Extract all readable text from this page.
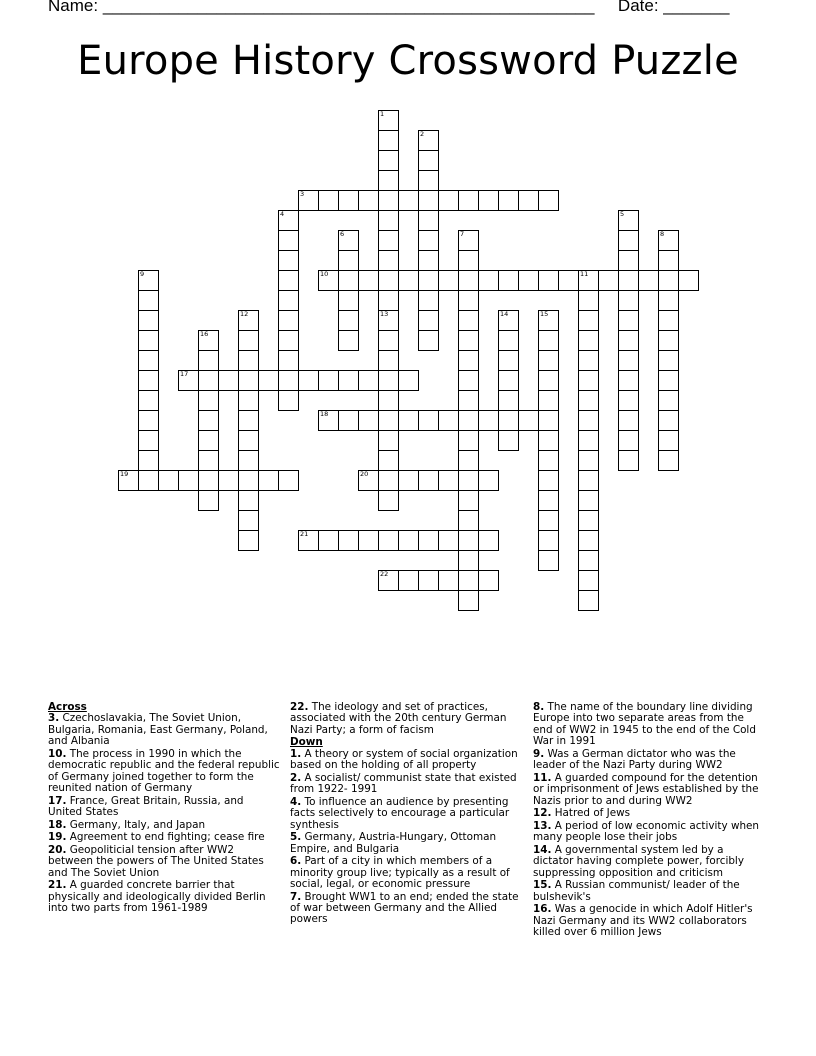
Name: ____________________________________________________ Date: _______
Europe History Crossword Puzzle
1
13
2
3
4	5
6	7	8
9	10	11
12	14	15
16
17
18
19	20
21
22

Across

3. Czechoslavakia, The Soviet Union, Bulgaria, Romania, East Germany, Poland, and Albania

10. The process in 1990 in which the democratic republic and the federal republic of Germany joined together to form the reunited nation of Germany

17. France, Great Britain, Russia, and United States

18. Germany, Italy, and Japan

19. Agreement to end fighting; cease fire

20. Geopoliticial tension after WW2 between the powers of The United States and The Soviet Union

21. A guarded concrete barrier that physically and ideologically divided Berlin into two parts from 1961-1989

22. The ideology and set of practices, associated with the 20th century German Nazi Party; a form of facism

Down

1. A theory or system of social organization based on the holding of all property

2. A socialist/ communist state that existed from 1922- 1991

4. To influence an audience by presenting facts selectively to encourage a particular synthesis

5. Germany, Austria-Hungary, Ottoman Empire, and Bulgaria

6. Part of a city in which members of a minority group live; typically as a result of social, legal, or economic pressure

7. Brought WW1 to an end; ended the state of war between Germany and the Allied powers

8. The name of the boundary line dividing Europe into two separate areas from the end of WW2 in 1945 to the end of the Cold War in 1991

9. Was a German dictator who was the leader of the Nazi Party during WW2

11. A guarded compound for the detention or imprisonment of Jews established by the Nazis prior to and during WW2

12. Hatred of Jews

13. A period of low economic activity when many people lose their jobs

14. A governmental system led by a dictator having complete power, forcibly suppressing opposition and criticism

15. A Russian communist/ leader of the bulshevik's

16. Was a genocide in which Adolf Hitler's Nazi Germany and its WW2 collaborators killed over 6 million Jews
